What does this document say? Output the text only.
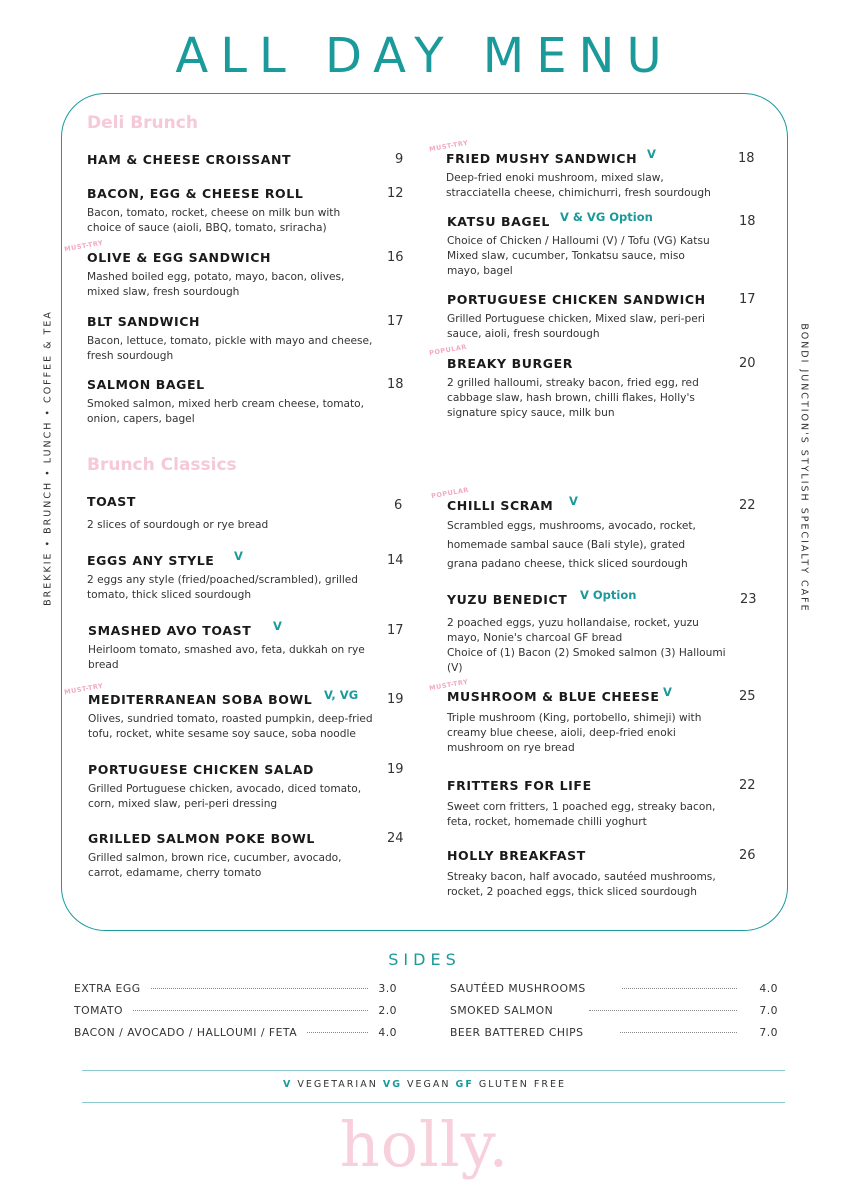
ALL DAY MENU
BREKKIE • BRUNCH • LUNCH • COFFEE & TEA	BONDI JUNCTION'S STYLISH SPECIALTY CAFE
Deli Brunch
Brunch Classics
MUST-TRY
MUST-TRY
POPULAR
POPULAR
MUST-TRY	MUST-TRY
HAM & CHEESE CROISSANT	9
BACON, EGG & CHEESE ROLL	12
Bacon, tomato, rocket, cheese on milk bun with choice of sauce (aioli, BBQ, tomato, sriracha)
OLIVE & EGG SANDWICH	16
Mashed boiled egg, potato, mayo, bacon, olives, mixed slaw, fresh sourdough
BLT SANDWICH	17
Bacon, lettuce, tomato, pickle with mayo and cheese, fresh sourdough
SALMON BAGEL	18
Smoked salmon, mixed herb cream cheese, tomato, onion, capers, bagel
FRIED MUSHY SANDWICH V	18
Deep-fried enoki mushroom, mixed slaw, stracciatella cheese, chimichurri, fresh sourdough
KATSU BAGEL V & VG Option	18
Choice of Chicken / Halloumi (V) / Tofu (VG) Katsu Mixed slaw, cucumber, Tonkatsu sauce, miso mayo, bagel
PORTUGUESE CHICKEN SANDWICH	17
Grilled Portuguese chicken, Mixed slaw, peri-peri sauce, aioli, fresh sourdough
BREAKY BURGER	20
2 grilled halloumi, streaky bacon, fried egg, red cabbage slaw, hash brown, chilli flakes, Holly's signature spicy sauce, milk bun
TOAST	6
2 slices of sourdough or rye bread
EGGS ANY STYLE	V	14
2 eggs any style (fried/poached/scrambled), grilled tomato, thick sliced sourdough
SMASHED AVO TOAST	V	17
Heirloom tomato, smashed avo, feta, dukkah on rye bread
MEDITERRANEAN SOBA BOWL	V, VG 19
Olives, sundried tomato, roasted pumpkin, deep-fried tofu, rocket, white sesame soy sauce, soba noodle
PORTUGUESE CHICKEN SALAD	19
Grilled Portuguese chicken, avocado, diced tomato, corn, mixed slaw, peri-peri dressing
GRILLED SALMON POKE BOWL	24
Grilled salmon, brown rice, cucumber, avocado, carrot, edamame, cherry tomato
CHILLI SCRAM	V	22
Scrambled eggs, mushrooms, avocado, rocket, homemade sambal sauce (Bali style), grated grana padano cheese, thick sliced sourdough
YUZU BENEDICT	V Option	23
2 poached eggs, yuzu hollandaise, rocket, yuzu mayo, Nonie's charcoal GF bread
Choice of (1) Bacon (2) Smoked salmon (3) Halloumi (V)
MUSHROOM & BLUE CHEESE V	25
Triple mushroom (King, portobello, shimeji) with creamy blue cheese, aioli, deep-fried enoki mushroom on rye bread
FRITTERS FOR LIFE	22
Sweet corn fritters, 1 poached egg, streaky bacon, feta, rocket, homemade chilli yoghurt
HOLLY BREAKFAST	26
Streaky bacon, half avocado, sautéed mushrooms, rocket, 2 poached eggs, thick sliced sourdough
SIDES
EXTRA EGG	3.0
TOMATO	2.0
BACON / AVOCADO / HALLOUMI / FETA	4.0
SAUTÉED MUSHROOMS	4.0
SMOKED SALMON	7.0
BEER BATTERED CHIPS	7.0
V VEGETARIAN VG VEGAN GF GLUTEN FREE
holly.
